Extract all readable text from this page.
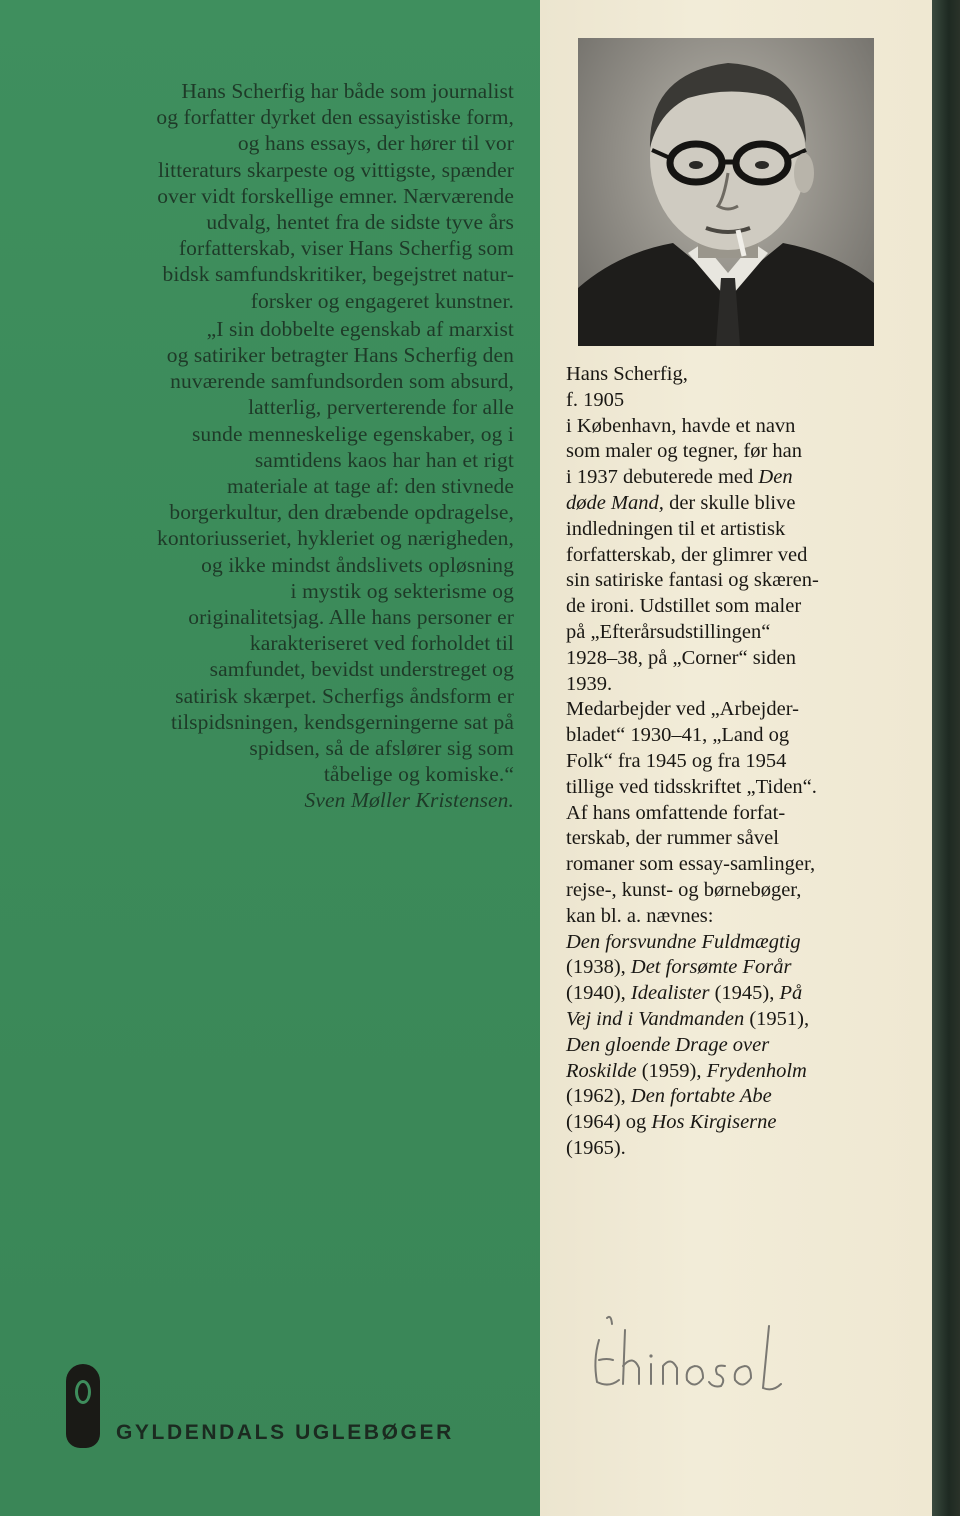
Hans Scherfig har både som journalist
og forfatter dyrket den essayistiske form,
og hans essays, der hører til vor
litteraturs skarpeste og vittigste, spænder
over vidt forskellige emner. Nærværende
udvalg, hentet fra de sidste tyve års
forfatterskab, viser Hans Scherfig som
bidsk samfundskritiker, begejstret natur-
forsker og engageret kunstner.
„I sin dobbelte egenskab af marxist
og satiriker betragter Hans Scherfig den
nuværende samfundsorden som absurd,
latterlig, perverterende for alle
sunde menneskelige egenskaber, og i
samtidens kaos har han et rigt
materiale at tage af: den stivnede
borgerkultur, den dræbende opdragelse,
kontoriusseriet, hykleriet og nærigheden,
og ikke mindst åndslivets opløsning
i mystik og sekterisme og
originalitetsjag. Alle hans personer er
karakteriseret ved forholdet til
samfundet, bevidst understreget og
satirisk skærpet. Scherfigs åndsform er
tilspidsningen, kendsgerningerne sat på
spidsen, så de afslører sig som
tåbelige og komiske.“
Sven Møller Kristensen.
GYLDENDALS UGLEBØGER
Hans Scherfig,
f. 1905
i København, havde et navn
som maler og tegner, før han
i 1937 debuterede med Den
døde Mand, der skulle blive
indledningen til et artistisk
forfatterskab, der glimrer ved
sin satiriske fantasi og skæren-
de ironi. Udstillet som maler
på „Efterårsudstillingen“
1928–38, på „Corner“ siden
1939.
Medarbejder ved „Arbejder-
bladet“ 1930–41, „Land og
Folk“ fra 1945 og fra 1954
tillige ved tidsskriftet „Tiden“.
Af hans omfattende forfat-
terskab, der rummer såvel
romaner som essay-samlinger,
rejse-, kunst- og børnebøger,
kan bl. a. nævnes:
Den forsvundne Fuldmægtig
(1938), Det forsømte Forår
(1940), Idealister (1945), På
Vej ind i Vandmanden (1951),
Den gloende Drage over
Roskilde (1959), Frydenholm
(1962), Den fortabte Abe
(1964) og Hos Kirgiserne
(1965).
